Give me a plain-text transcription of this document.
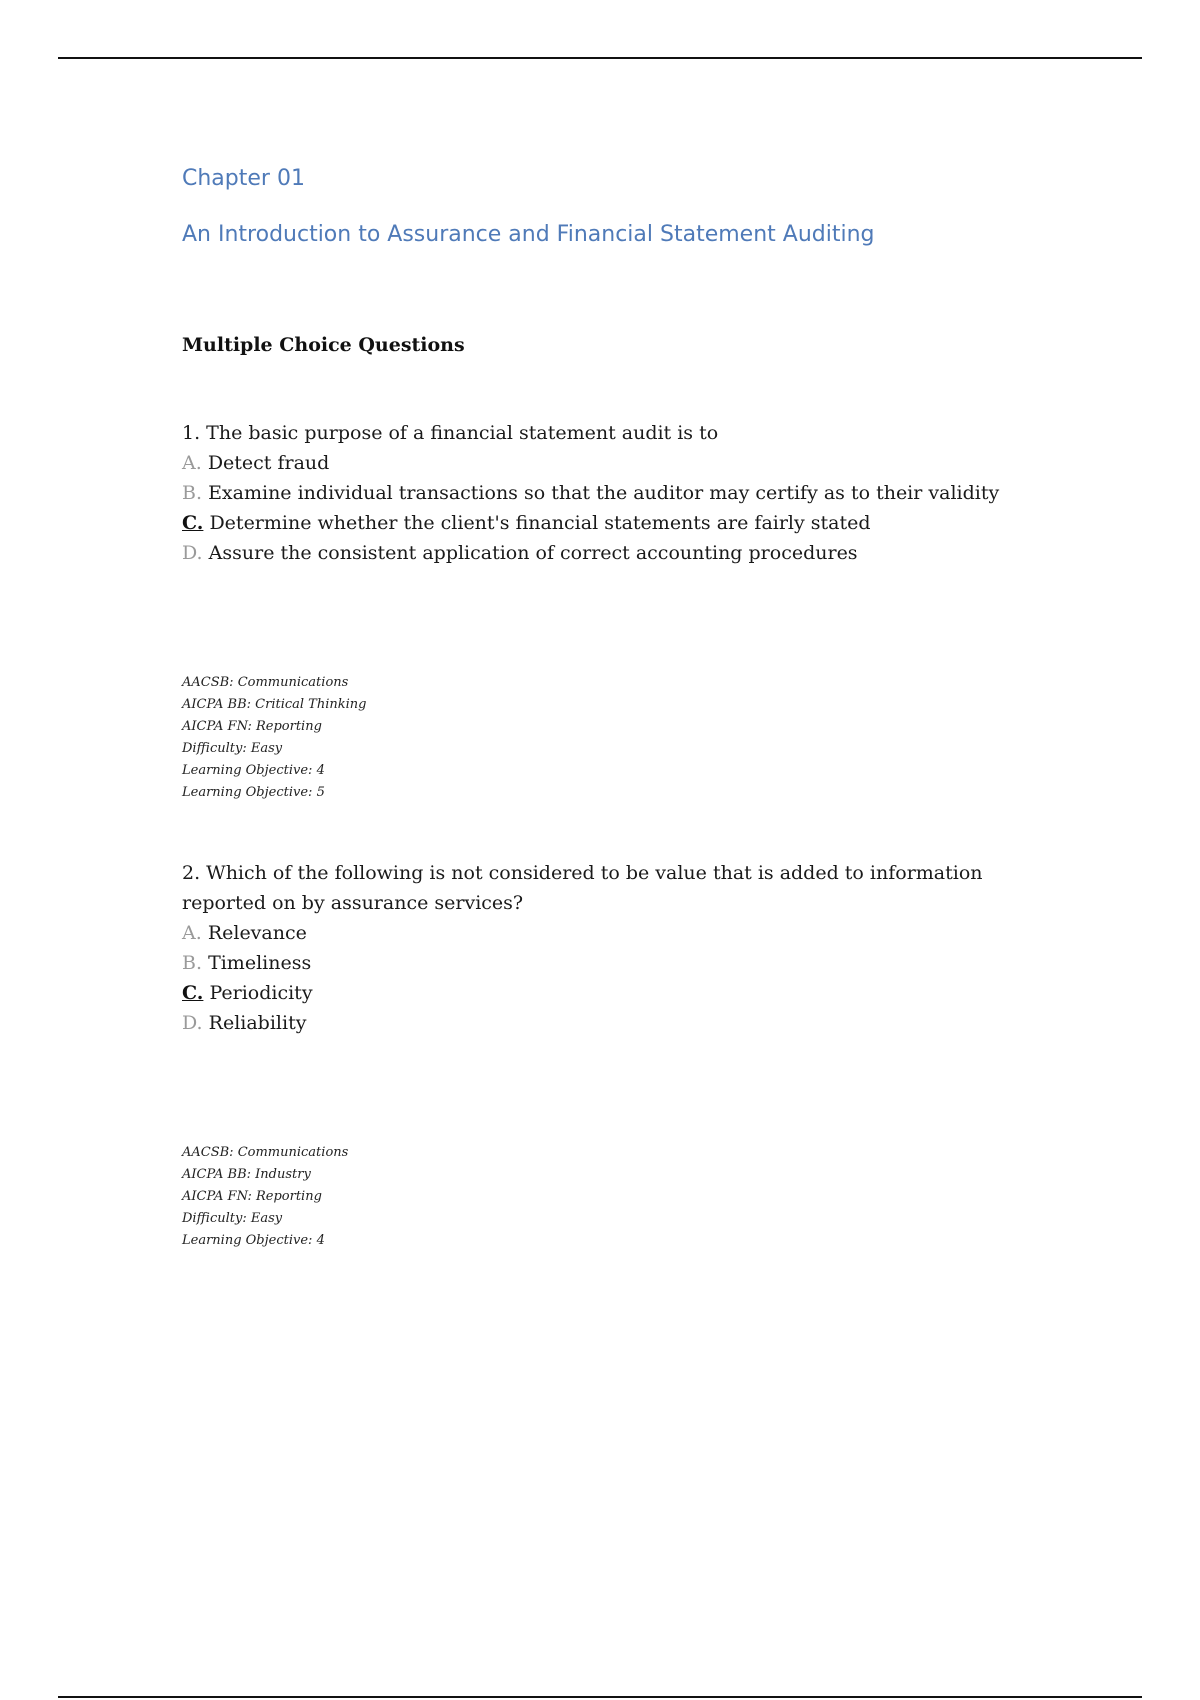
Chapter 01
An Introduction to Assurance and Financial Statement Auditing
Multiple Choice Questions

1. The basic purpose of a financial statement audit is to

A. Detect fraud
B. Examine individual transactions so that the auditor may certify as to their validity
C. Determine whether the client's financial statements are fairly stated
D. Assure the consistent application of correct accounting procedures
AACSB: Communications
AICPA BB: Critical Thinking
AICPA FN: Reporting
Difficulty: Easy
Learning Objective: 4
Learning Objective: 5

2. Which of the following is not considered to be value that is added to information reported on by assurance services?

A. Relevance
B. Timeliness
C. Periodicity
D. Reliability
AACSB: Communications
AICPA BB: Industry
AICPA FN: Reporting
Difficulty: Easy
Learning Objective: 4
